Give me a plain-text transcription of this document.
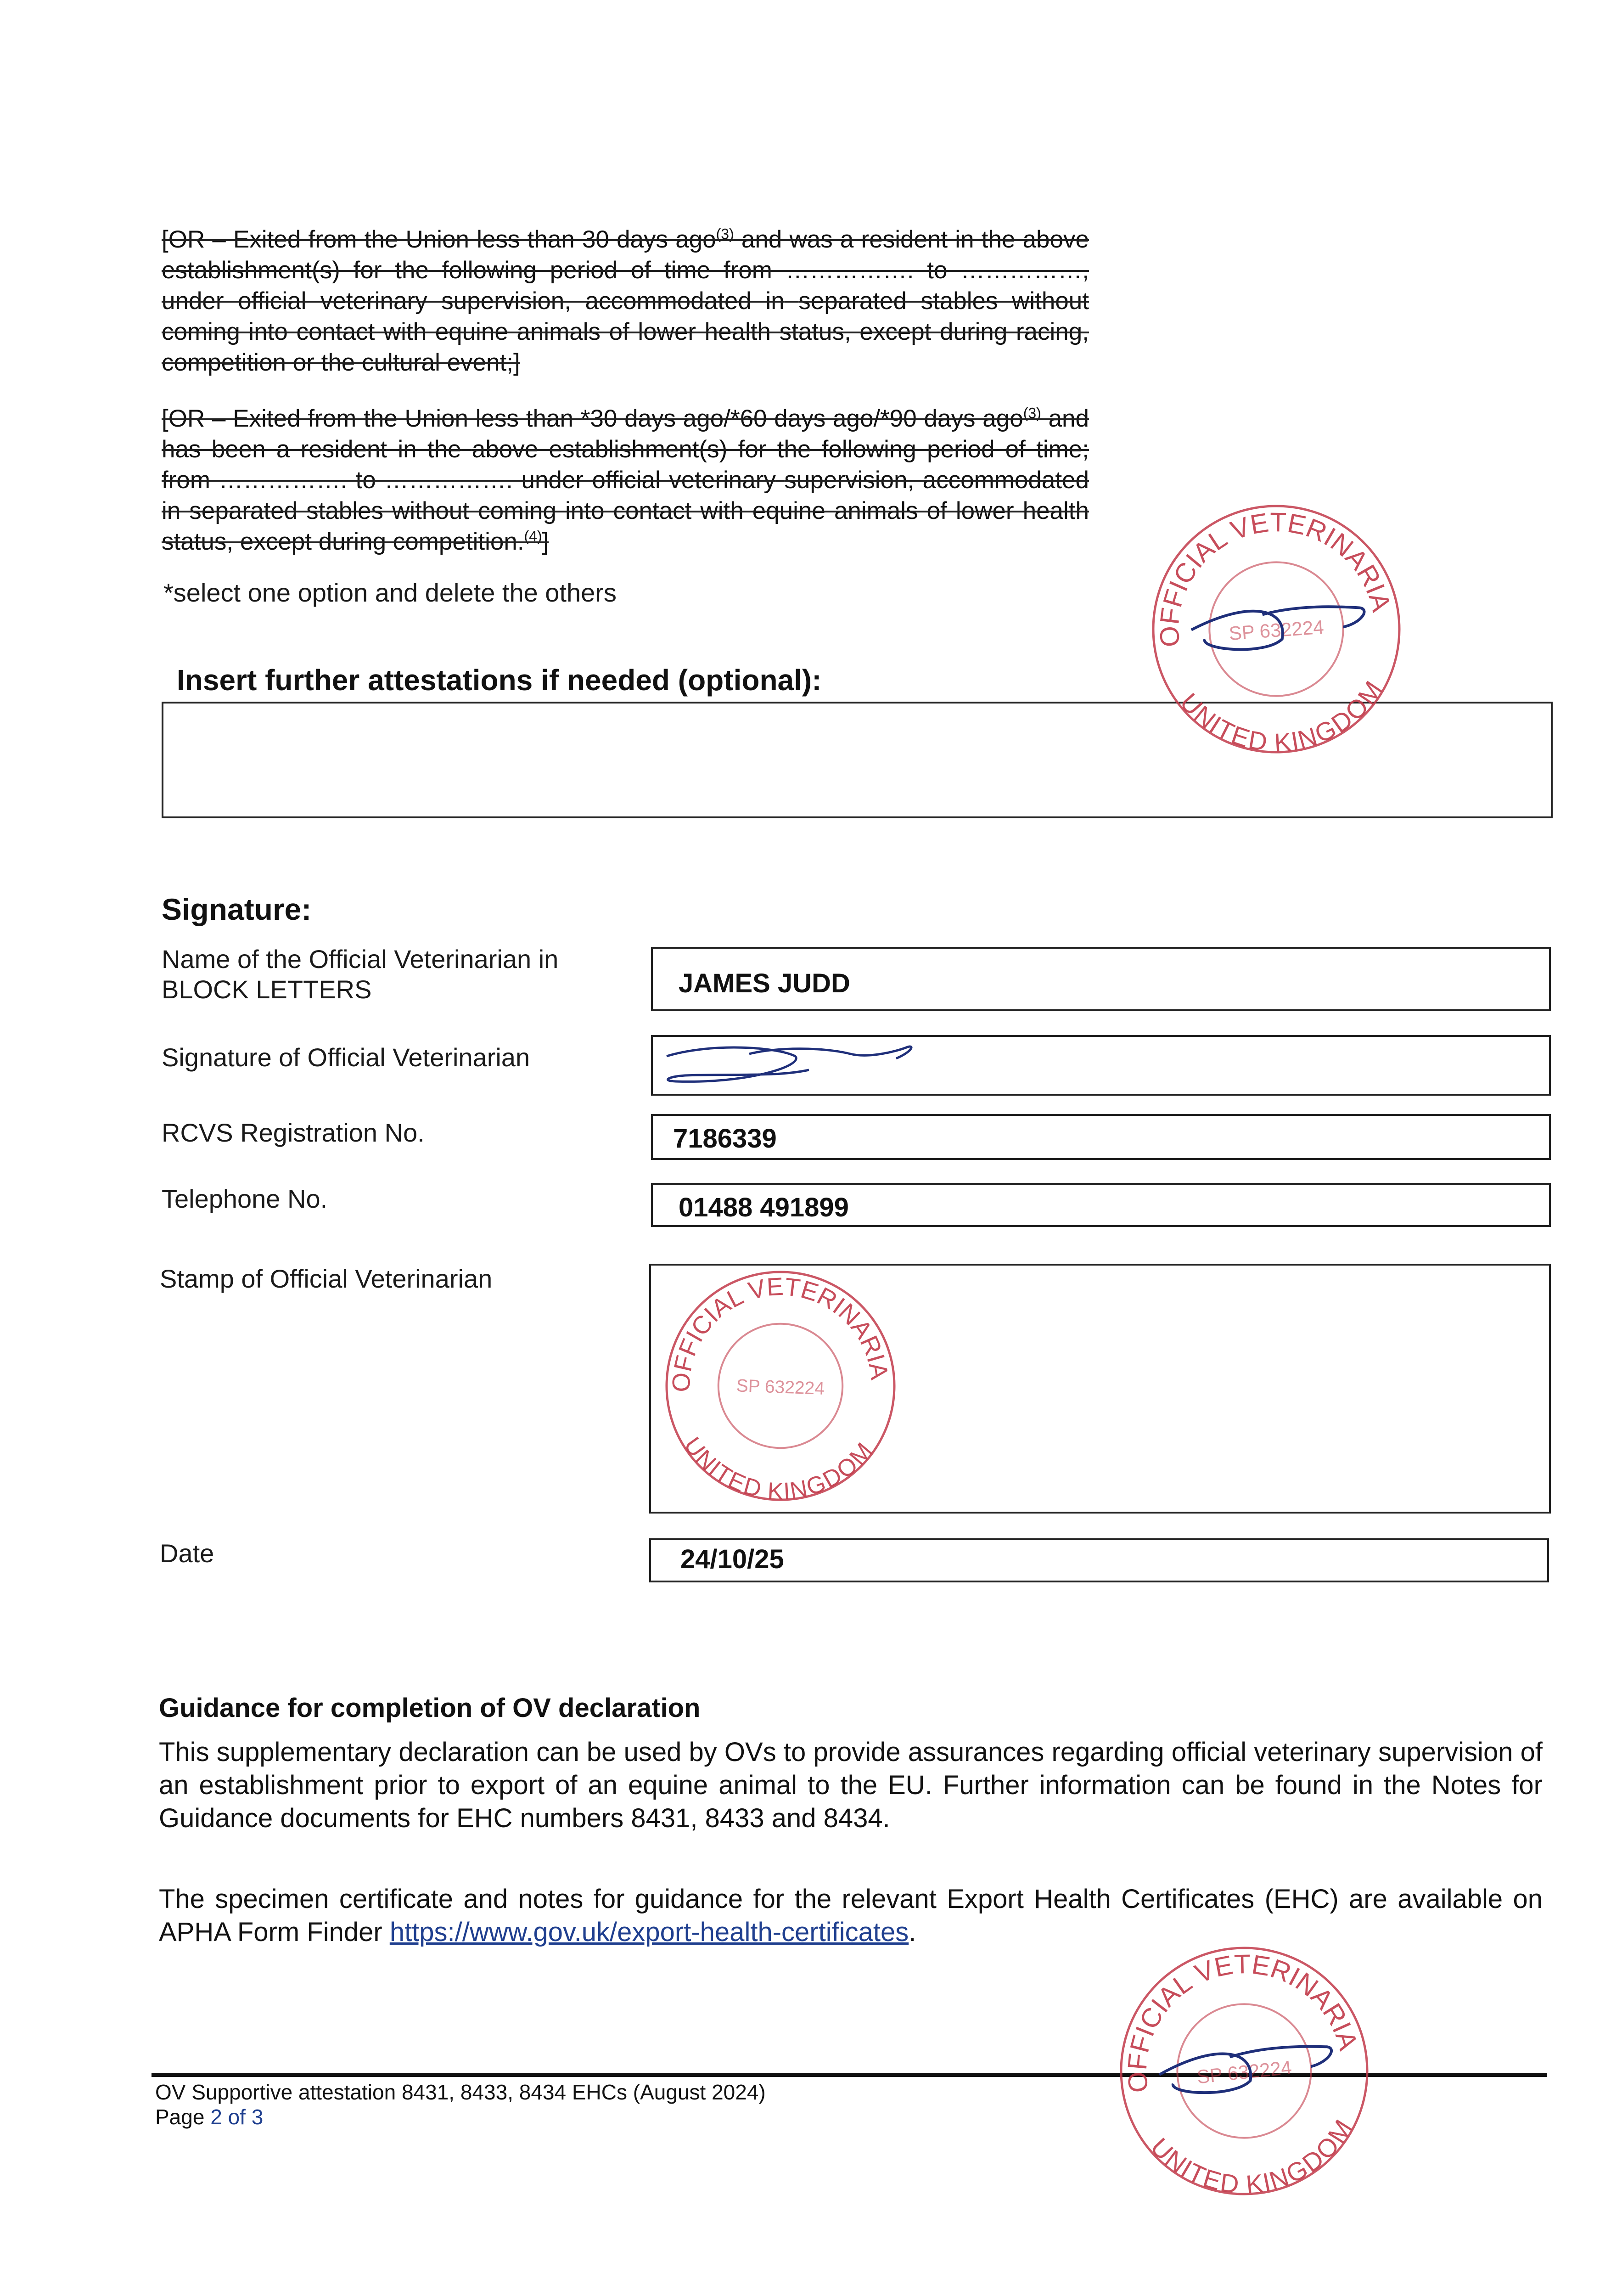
[OR – Exited from the Union less than 30 days ago$^{(3)}$ and was a resident in the above establishment(s) for the following period of time from ……………. to ……………, under official veterinary supervision, accommodated in separated stables without coming into contact with equine animals of lower health status, except during racing,
competition or the cultural event;]
[OR – Exited from the Union less than *30 days ago/*60 days ago/*90 days ago$^{(3)}$ and has been a resident in the above establishment(s) for the following period of time; from ……………. to ……………. under official veterinary supervision, accommodated in separated stables without coming into contact with equine animals of lower health
status, except during competition.$^{(4)}$]
*select one option and delete the others
Insert further attestations if needed (optional):
Signature:
Name of the Official Veterinarian in
BLOCK LETTERS	JAMES JUDD
Signature of Official Veterinarian
RCVS Registration No.	7186339
Telephone No.	01488 491899
Stamp of Official Veterinarian
Date	24/10/25
Guidance for completion of OV declaration
This supplementary declaration can be used by OVs to provide assurances regarding official veterinary supervision of an establishment prior to export of an equine animal to the EU. Further information can be found in the Notes for Guidance documents for EHC numbers 8431, 8433 and 8434.
The specimen certificate and notes for guidance for the relevant Export Health Certificates (EHC) are available on APHA Form Finder https://www.gov.uk/export-health-certificates.
OV Supportive attestation 8431, 8433, 8434 EHCs (August 2024)
Page 2 of 3
OFFICIAL VETERINARIAN
UNITED KINGDOM
SP 632224
OFFICIAL VETERINARIAN
UNITED KINGDOM
SP 632224
OFFICIAL VETERINARIAN
UNITED KINGDOM
SP 632224
